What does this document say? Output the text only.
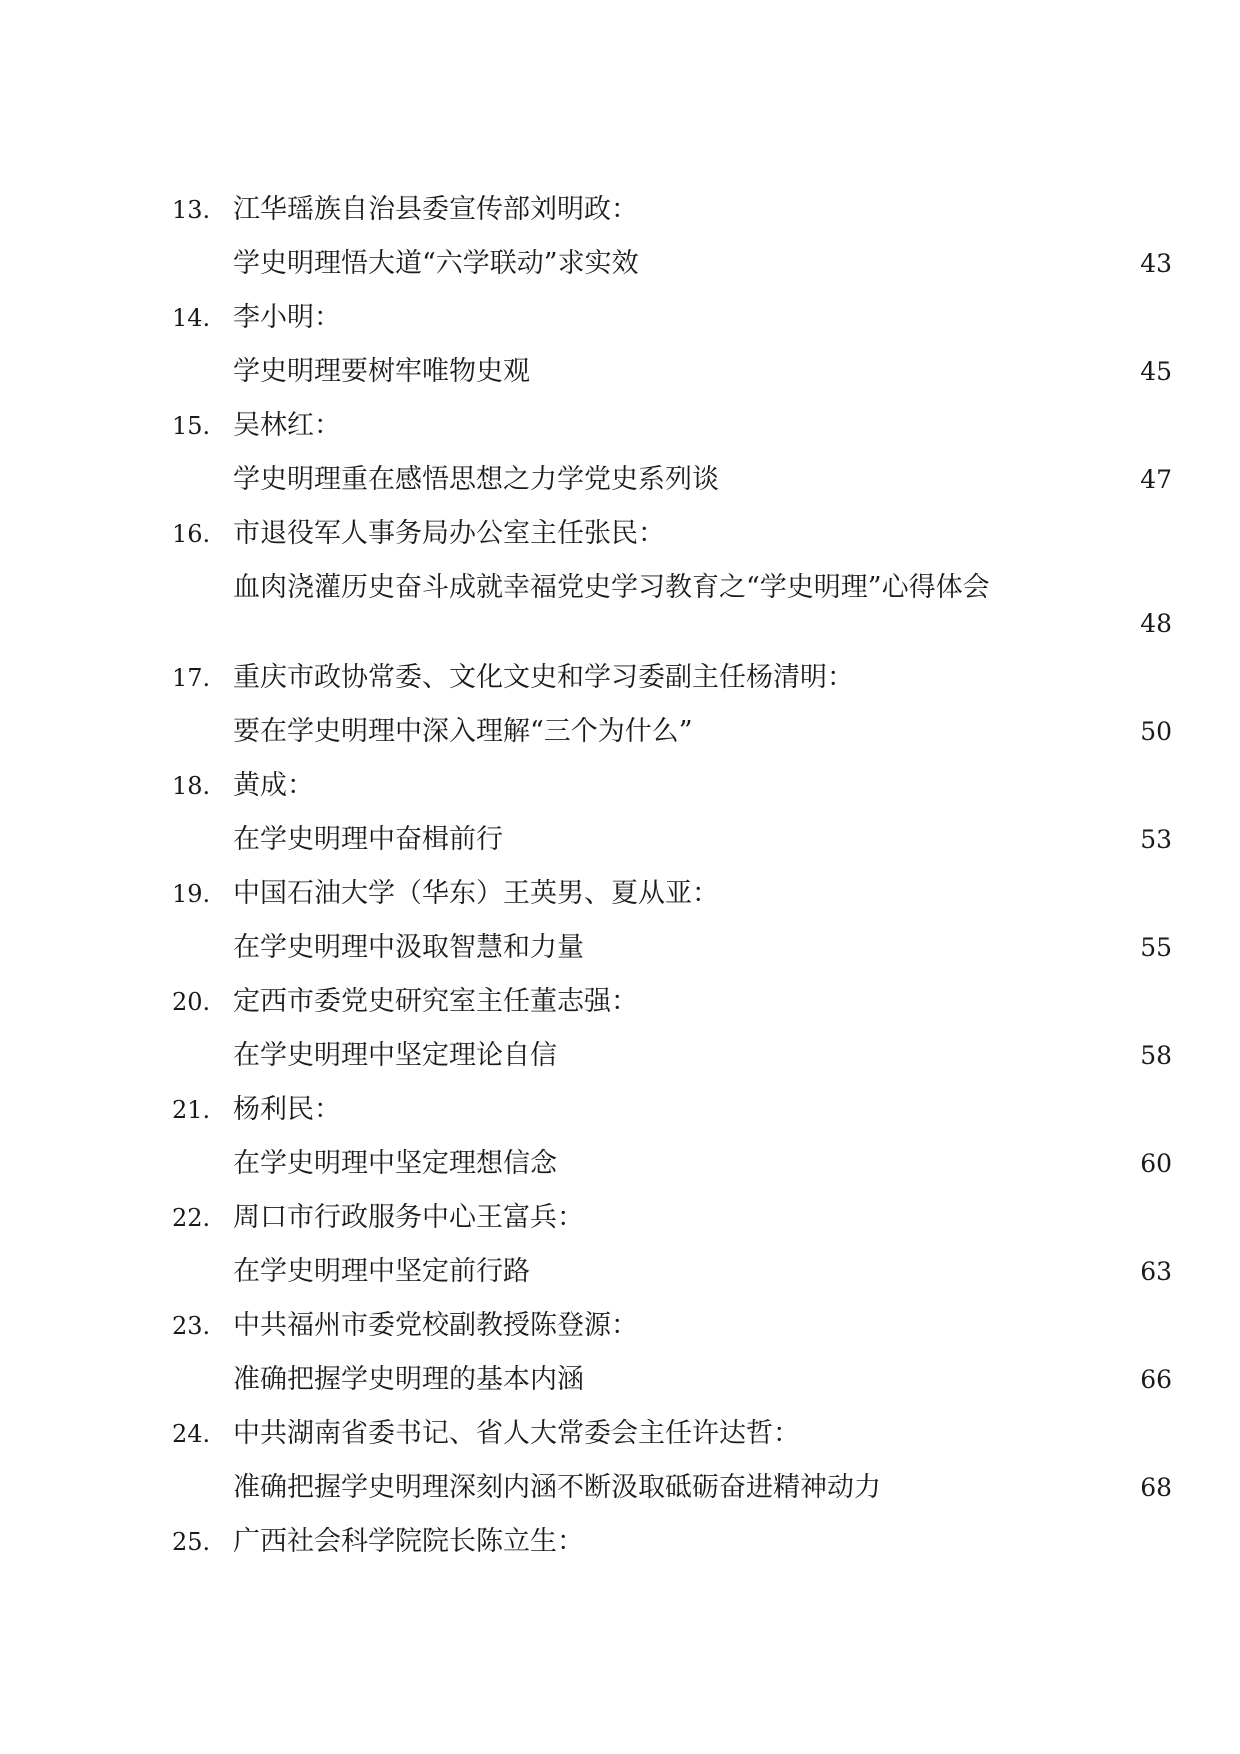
13. 江华瑶族自治县委宣传部刘明政：
学史明理悟大道“六学联动”求实效	43
14. 李小明：
学史明理要树牢唯物史观	45
15. 吴林红：
学史明理重在感悟思想之力学党史系列谈	47
16. 市退役军人事务局办公室主任张民：
血肉浇灌历史奋斗成就幸福党史学习教育之“学史明理”心得体会
48
17. 重庆市政协常委、文化文史和学习委副主任杨清明：
要在学史明理中深入理解“三个为什么”	50
18. 黄成：
在学史明理中奋楫前行	53
19. 中国石油大学（华东）王英男、夏从亚：
在学史明理中汲取智慧和力量	55
20. 定西市委党史研究室主任董志强：
在学史明理中坚定理论自信	58
21. 杨利民：
在学史明理中坚定理想信念	60
22. 周口市行政服务中心王富兵：
在学史明理中坚定前行路	63
23. 中共福州市委党校副教授陈登源：
准确把握学史明理的基本内涵	66
24. 中共湖南省委书记、省人大常委会主任许达哲：
准确把握学史明理深刻内涵不断汲取砥砺奋进精神动力	68
25. 广西社会科学院院长陈立生：
